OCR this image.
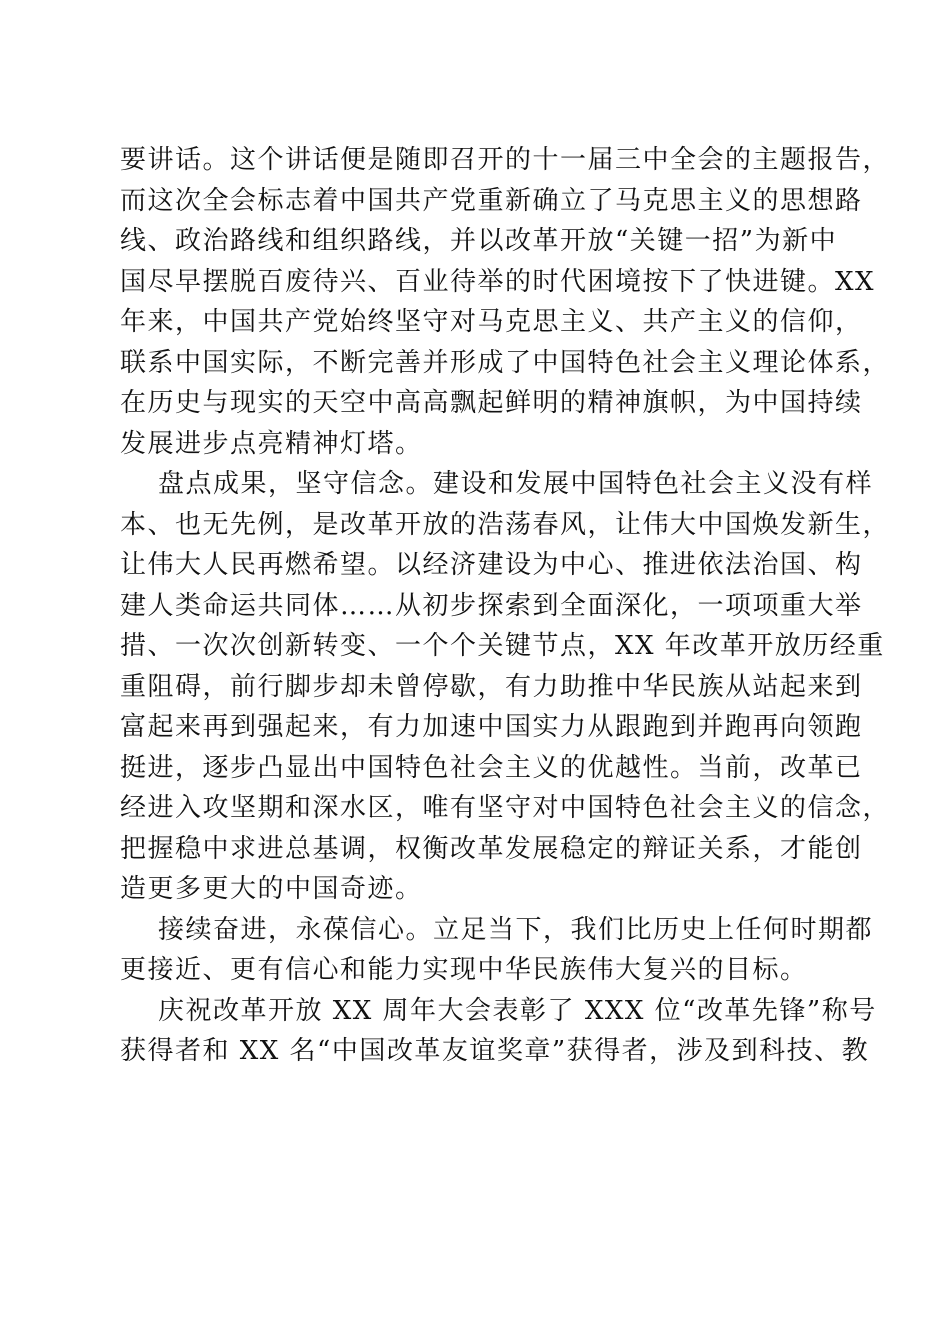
要讲话。这个讲话便是随即召开的十一届三中全会的主题报告，
而这次全会标志着中国共产党重新确立了马克思主义的思想路
线、政治路线和组织路线，并以改革开放“关键一招”为新中
国尽早摆脱百废待兴、百业待举的时代困境按下了快进键。XX
年来，中国共产党始终坚守对马克思主义、共产主义的信仰，
联系中国实际，不断完善并形成了中国特色社会主义理论体系，
在历史与现实的天空中高高飘起鲜明的精神旗帜，为中国持续
发展进步点亮精神灯塔。
盘点成果，坚守信念。建设和发展中国特色社会主义没有样
本、也无先例，是改革开放的浩荡春风，让伟大中国焕发新生，
让伟大人民再燃希望。以经济建设为中心、推进依法治国、构
建人类命运共同体……从初步探索到全面深化，一项项重大举
措、一次次创新转变、一个个关键节点，XX 年改革开放历经重
重阻碍，前行脚步却未曾停歇，有力助推中华民族从站起来到
富起来再到强起来，有力加速中国实力从跟跑到并跑再向领跑
挺进，逐步凸显出中国特色社会主义的优越性。当前，改革已
经进入攻坚期和深水区，唯有坚守对中国特色社会主义的信念，
把握稳中求进总基调，权衡改革发展稳定的辩证关系，才能创
造更多更大的中国奇迹。
接续奋进，永葆信心。立足当下，我们比历史上任何时期都
更接近、更有信心和能力实现中华民族伟大复兴的目标。
庆祝改革开放 XX 周年大会表彰了 XXX 位“改革先锋”称号
获得者和 XX 名“中国改革友谊奖章”获得者，涉及到科技、教
